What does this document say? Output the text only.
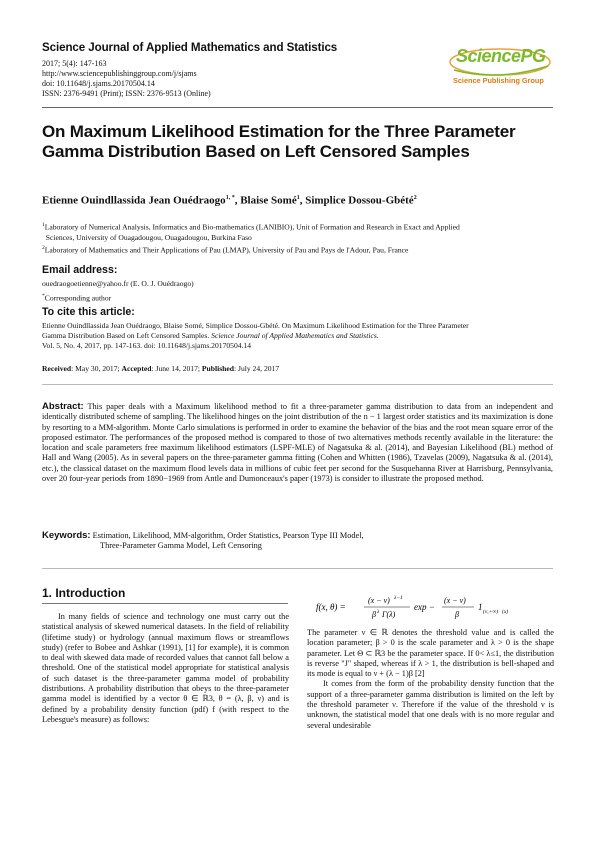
Science Journal of Applied Mathematics and Statistics
2017; 5(4): 147-163
http://www.sciencepublishinggroup.com/j/sjams
doi: 10.11648/j.sjams.20170504.14
ISSN: 2376-9491 (Print); ISSN: 2376-9513 (Online)
SciencePG
Science Publishing Group
On Maximum Likelihood Estimation for the Three Parameter Gamma Distribution Based on Left Censored Samples
Etienne Ouindllassida Jean Ouédraogo$^{1, *}$, Blaise Somé$^1$, Simplice Dossou-Gbété$^2$
$^1$Laboratory of Numerical Analysis, Informatics and Bio-mathematics (LANIBIO), Unit of Formation and Research in Exact and Applied
Sciences, University of Ouagadougou, Ouagadougou, Burkina Faso
$^2$Laboratory of Mathematics and Their Applications of Pau (LMAP), University of Pau and Pays de l'Adour, Pau, France
Email address:
ouedraogoetienne@yahoo.fr (E. O. J. Ouédraogo)
*Corresponding author
To cite this article:
Etienne Ouindllassida Jean Ouédraogo, Blaise Somé, Simplice Dossou-Gbété. On Maximum Likelihood Estimation for the Three Parameter
Gamma Distribution Based on Left Censored Samples. Science Journal of Applied Mathematics and Statistics.
Vol. 5, No. 4, 2017, pp. 147-163. doi: 10.11648/j.sjams.20170504.14
Received: May 30, 2017; Accepted: June 14, 2017; Published: July 24, 2017
Abstract: This paper deals with a Maximum likelihood method to fit a three-parameter gamma distribution to data from an independent and identically distributed scheme of sampling. The likelihood hinges on the joint distribution of the n − 1 largest order statistics and its maximization is done by resorting to a MM-algorithm. Monte Carlo simulations is performed in order to examine the behavior of the bias and the root mean square error of the proposed estimator. The performances of the proposed method is compared to those of two alternatives methods recently available in the literature: the location and scale parameters free maximum likelihood estimators (LSPF-MLE) of Nagatsuka & al. (2014), and Bayesian Likelihood (BL) method of Hall and Wang (2005). As in several papers on the three-parameter gamma fitting (Cohen and Whitten (1986), Tzavelas (2009), Nagatsuka & al. (2014), etc.), the classical dataset on the maximum flood levels data in millions of cubic feet per second for the Susquehanna River at Harrisburg, Pennsylvania, over 20 four-year periods from 1890−1969 from Antle and Dumonceaux's paper (1973) is consider to illustrate the proposed method.
Keywords: Estimation, Likelihood, MM-algorithm, Order Statistics, Pearson Type III Model,
Three-Parameter Gamma Model, Left Censoring
1. Introduction

In many fields of science and technology one must carry out the statistical analysis of skewed numerical datasets. In the field of reliability (lifetime study) or hydrology (annual maximum flows or streamflows study) (refer to Bobee and Ashkar (1991), [1] for example), it is common to deal with skewed data made of recorded values that cannot fall below a threshold. One of the statistical model appropriate for statistical analysis of such dataset is the three-parameter gamma model of probability distributions. A probability distribution that obeys to the three-parameter gamma model is identified by a vector θ ∈ ℝ3, θ = (λ, β, ν) and is defined by a probability density function (pdf) f (with respect to the Lebesgue's measure) as follows:

f(x, θ) =
(x − ν) λ−1
β λ Γ(λ)
exp −
(x − ν)
β
1 (ν,+∞) (x)

The parameter ν ∈ ℝ denotes the threshold value and is called the location parameter; β > 0 is the scale parameter and λ > 0 is the shape parameter. Let Θ ⊂ ℝ3 be the parameter space. If 0< λ≤1, the distribution is reverse "J" shaped, whereas if λ > 1, the distribution is bell-shaped and its mode is equal to ν + (λ − 1)β [2]

It comes from the form of the probability density function that the support of a three-parameter gamma distribution is limited on the left by the threshold parameter ν. Therefore if the value of the threshold ν is unknown, the statistical model that one deals with is no more regular and several undesirable
